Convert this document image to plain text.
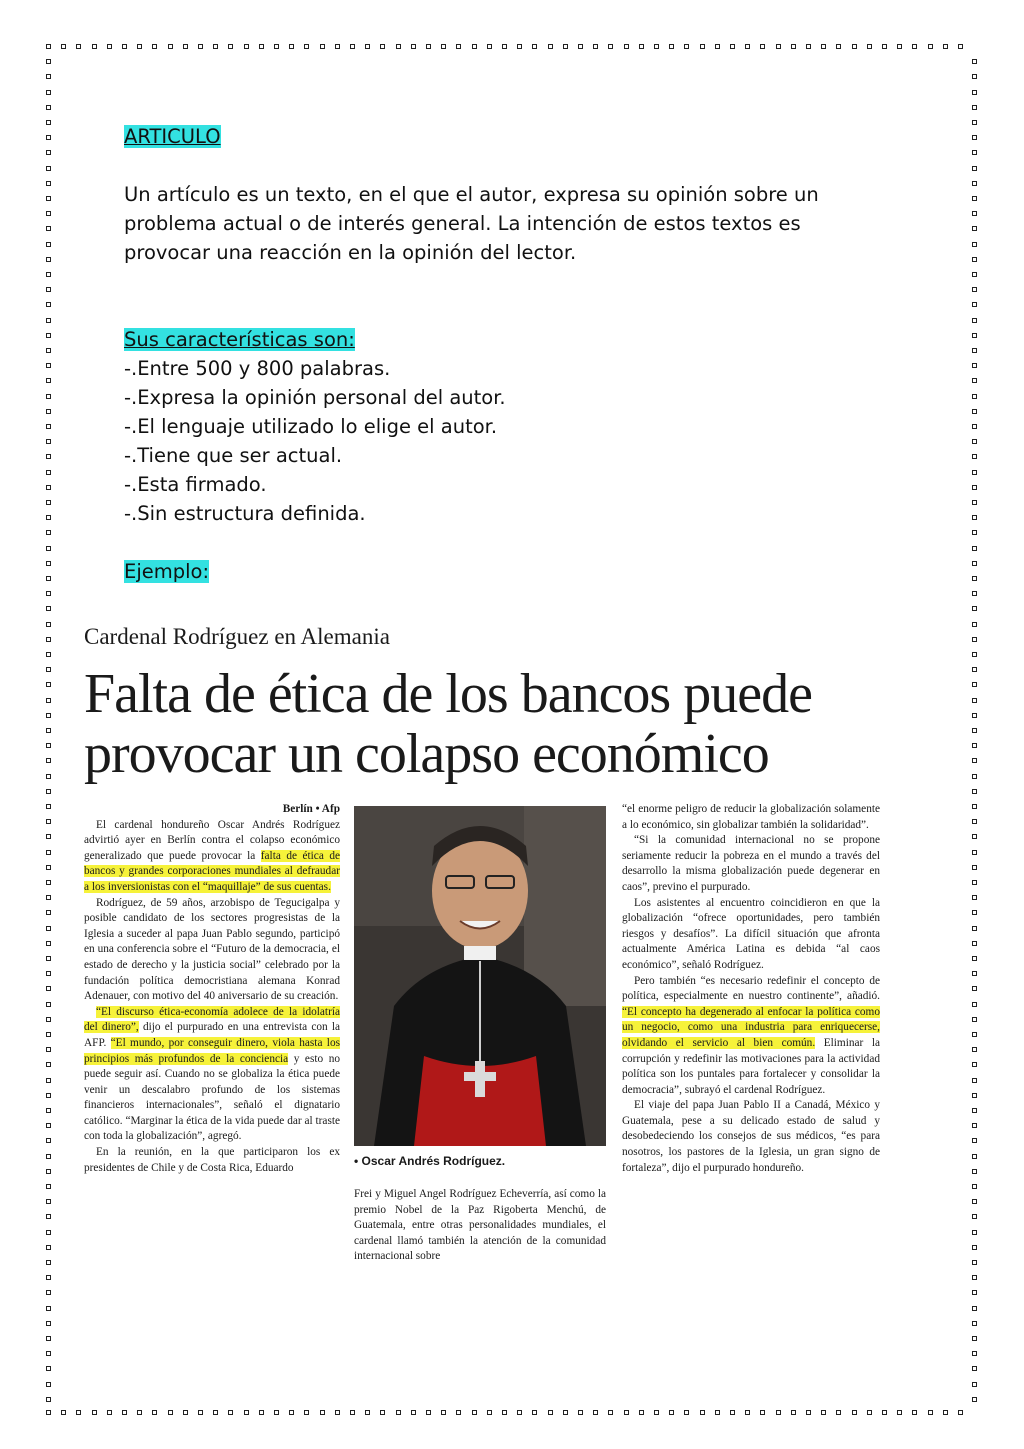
ARTICULO

Un artículo es un texto, en el que el autor, expresa su opinión sobre un

problema actual o de interés general. La intención de estos textos es

provocar una reacción en la opinión del lector.

Sus características son:

-.Entre 500 y 800 palabras.

-.Expresa la opinión personal del autor.

-.El lenguaje utilizado lo elige el autor.

-.Tiene que ser actual.

-.Esta firmado.

-.Sin estructura definida.

Ejemplo:

Cardenal Rodríguez en Alemania
Falta de ética de los bancos puede
provocar un colapso económico

Berlín • Afp

El cardenal hondureño Oscar Andrés Rodríguez advirtió ayer en Berlín contra el colapso económico generalizado que puede provocar la falta de ética de bancos y grandes corporaciones mundiales al defraudar a los inversionistas con el “maquillaje” de sus cuentas.

Rodríguez, de 59 años, arzobispo de Tegucigalpa y posible candidato de los sectores progresistas de la Iglesia a suceder al papa Juan Pablo segundo, participó en una conferencia sobre el “Futuro de la democracia, el estado de derecho y la justicia social” celebrado por la fundación política democristiana alemana Konrad Adenauer, con motivo del 40 aniversario de su creación.

“El discurso ética-economía adolece de la idolatría del dinero”, dijo el purpurado en una entrevista con la AFP. “El mundo, por conseguir dinero, viola hasta los principios más profundos de la conciencia y esto no puede seguir así. Cuando no se globaliza la ética puede venir un descalabro profundo de los sistemas financieros internacionales”, señaló el dignatario católico. “Marginar la ética de la vida puede dar al traste con toda la globalización”, agregó.

En la reunión, en la que participaron los ex presidentes de Chile y de Costa Rica, Eduardo	• Oscar Andrés Rodríguez.
Frei y Miguel Angel Rodríguez Echeverría, así como la premio Nobel de la Paz Rigoberta Menchú, de Guatemala, entre otras personalidades mundiales, el cardenal llamó también la atención de la comunidad internacional sobre

“el enorme peligro de reducir la globalización solamente a lo económico, sin globalizar también la solidaridad”.

“Si la comunidad internacional no se propone seriamente reducir la pobreza en el mundo a través del desarrollo la misma globalización puede degenerar en caos”, previno el purpurado.

Los asistentes al encuentro coincidieron en que la globalización “ofrece oportunidades, pero también riesgos y desafíos”. La difícil situación que afronta actualmente América Latina es debida “al caos económico”, señaló Rodríguez.

Pero también “es necesario redefinir el concepto de política, especialmente en nuestro continente”, añadió. “El concepto ha degenerado al enfocar la política como un negocio, como una industria para enriquecerse, olvidando el servicio al bien común. Eliminar la corrupción y redefinir las motivaciones para la actividad política son los puntales para fortalecer y consolidar la democracia”, subrayó el cardenal Rodríguez.

El viaje del papa Juan Pablo II a Canadá, México y Guatemala, pese a su delicado estado de salud y desobedeciendo los consejos de sus médicos, “es para nosotros, los pastores de la Iglesia, un gran signo de fortaleza”, dijo el purpurado hondureño.
